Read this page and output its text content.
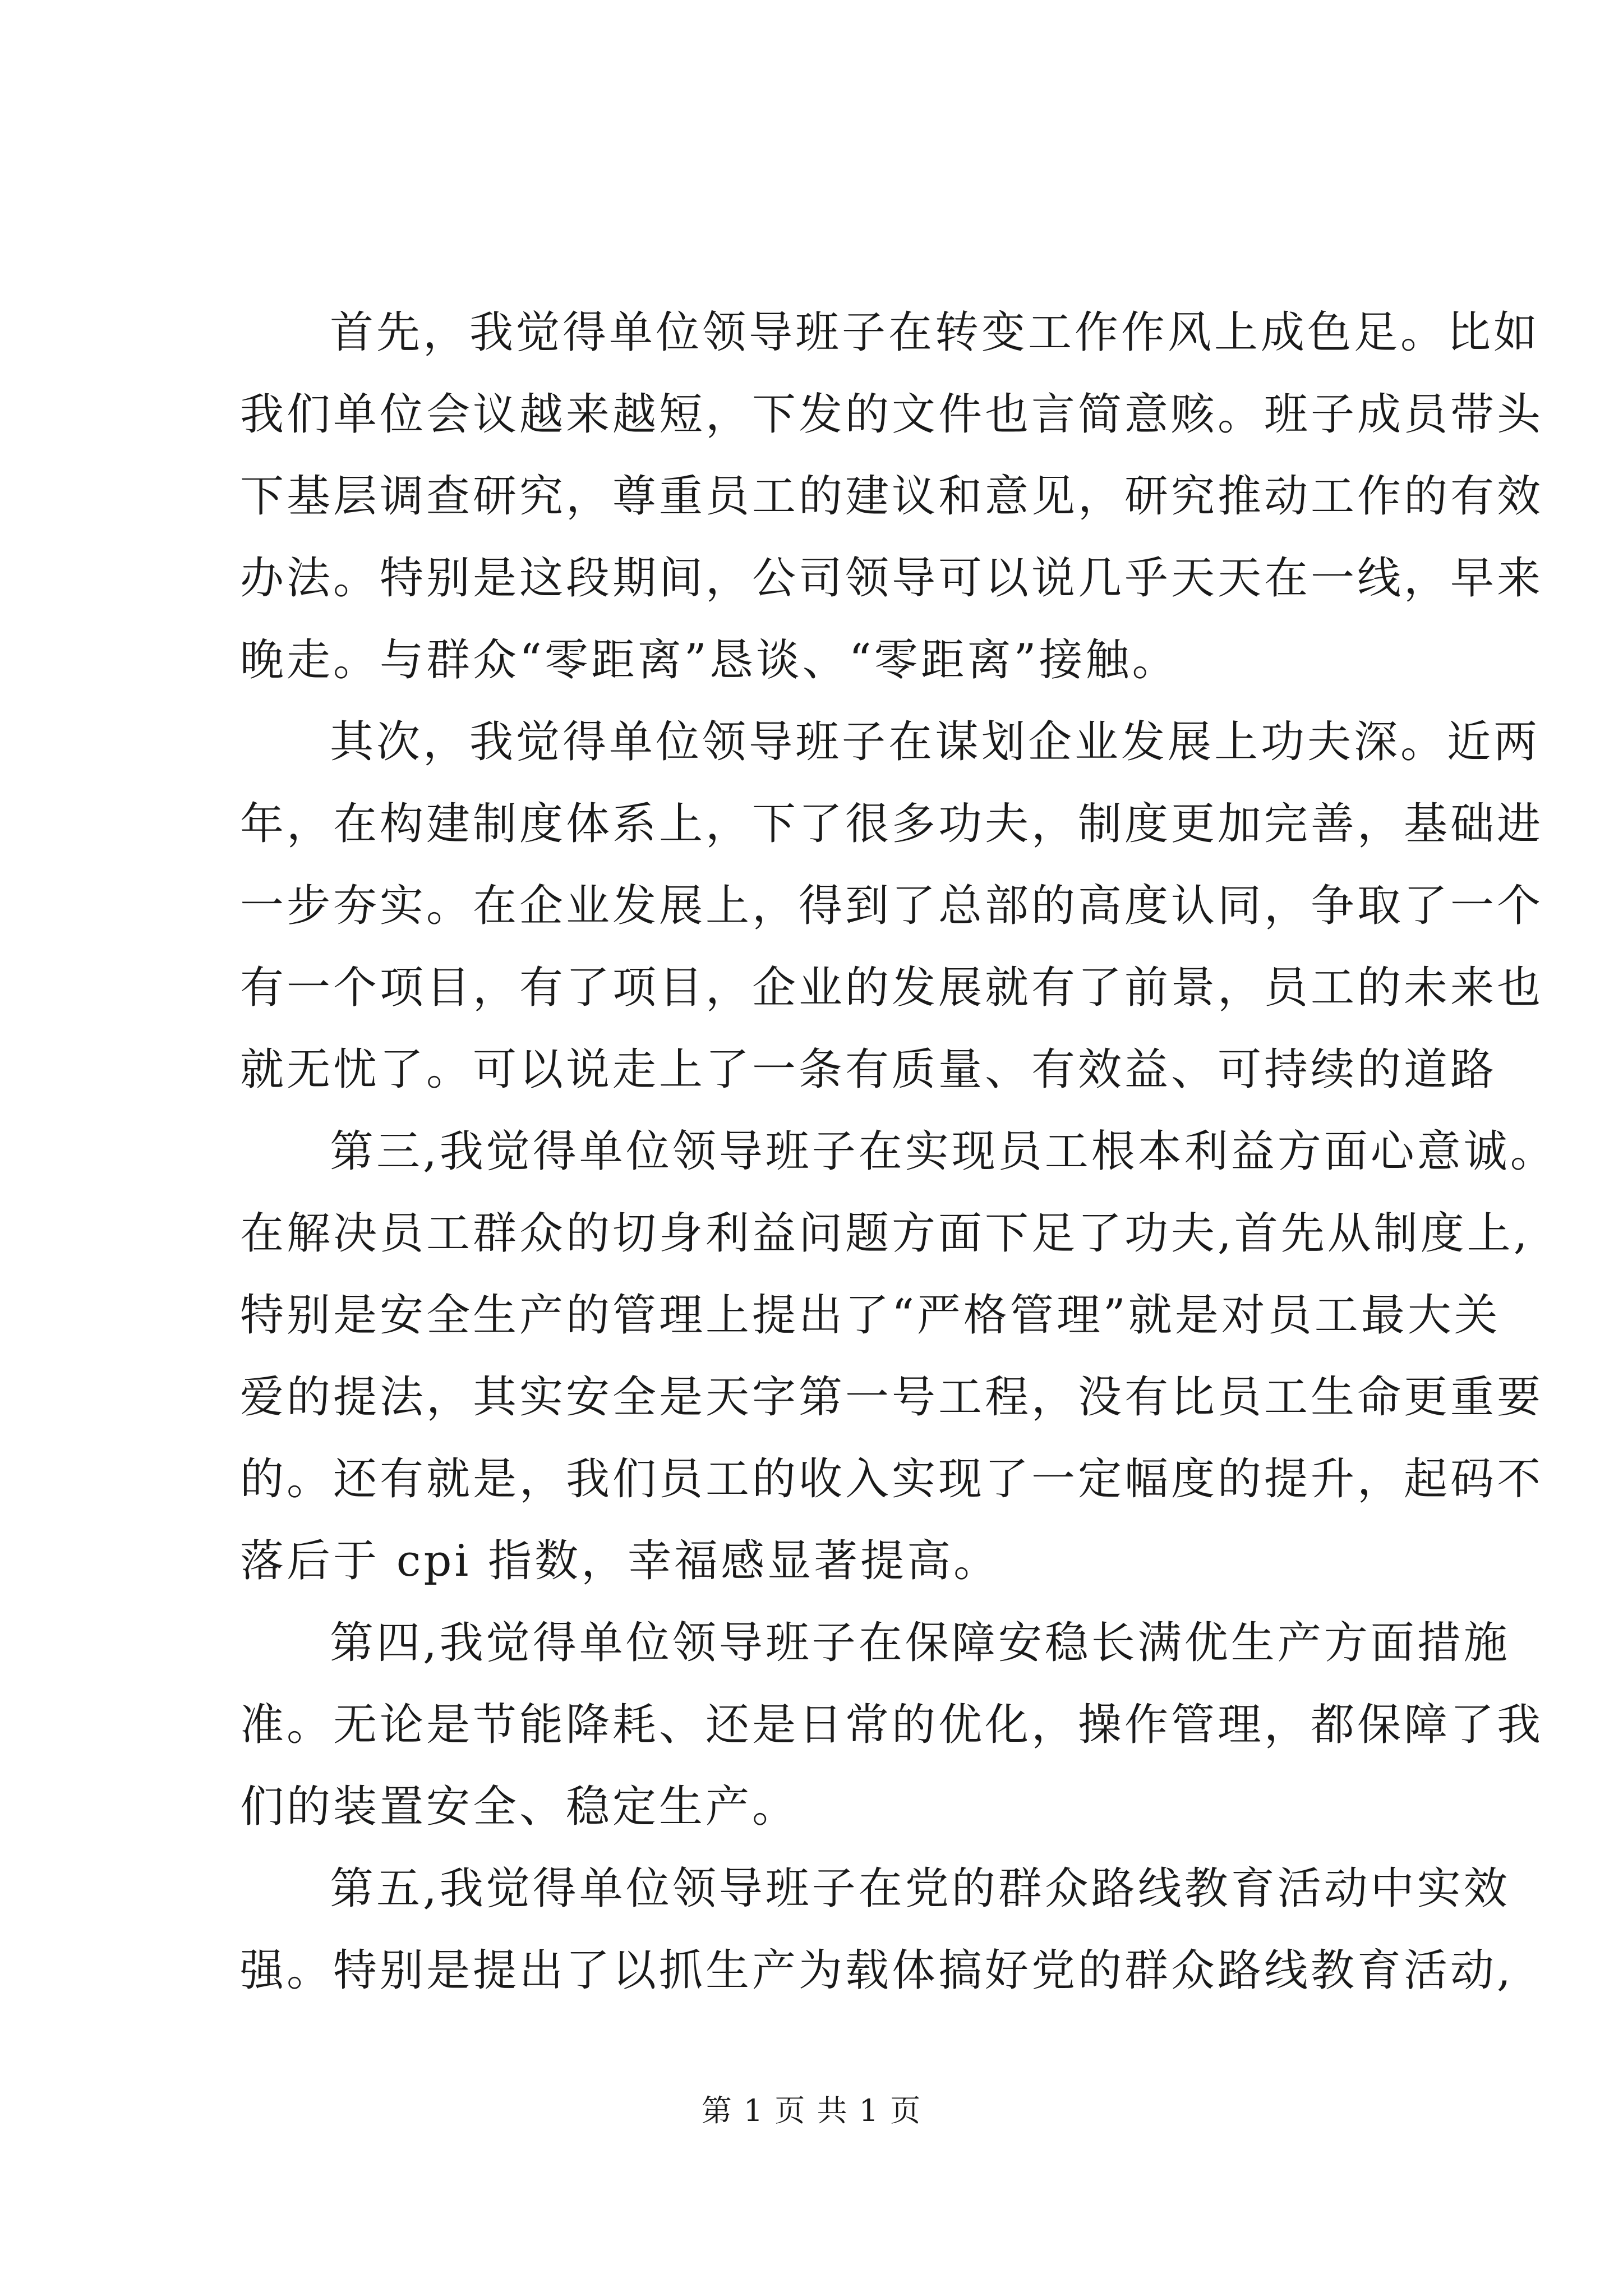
首先，我觉得单位领导班子在转变工作作风上成色足。比如
我们单位会议越来越短，下发的文件也言简意赅。班子成员带头
下基层调查研究，尊重员工的建议和意见，研究推动工作的有效
办法。特别是这段期间，公司领导可以说几乎天天在一线，早来
晚走。与群众“零距离”恳谈、“零距离”接触。

其次，我觉得单位领导班子在谋划企业发展上功夫深。近两
年，在构建制度体系上，下了很多功夫，制度更加完善，基础进
一步夯实。在企业发展上，得到了总部的高度认同，争取了一个
有一个项目，有了项目，企业的发展就有了前景，员工的未来也
就无忧了。可以说走上了一条有质量、有效益、可持续的道路

第三,我觉得单位领导班子在实现员工根本利益方面心意诚。
在解决员工群众的切身利益问题方面下足了功夫,首先从制度上,
特别是安全生产的管理上提出了“严格管理”就是对员工最大关
爱的提法，其实安全是天字第一号工程，没有比员工生命更重要
的。还有就是，我们员工的收入实现了一定幅度的提升，起码不
落后于 cpi 指数，幸福感显著提高。

第四,我觉得单位领导班子在保障安稳长满优生产方面措施
准。无论是节能降耗、还是日常的优化，操作管理，都保障了我
们的装置安全、稳定生产。

第五,我觉得单位领导班子在党的群众路线教育活动中实效
强。特别是提出了以抓生产为载体搞好党的群众路线教育活动,

第 1 页 共 1 页
